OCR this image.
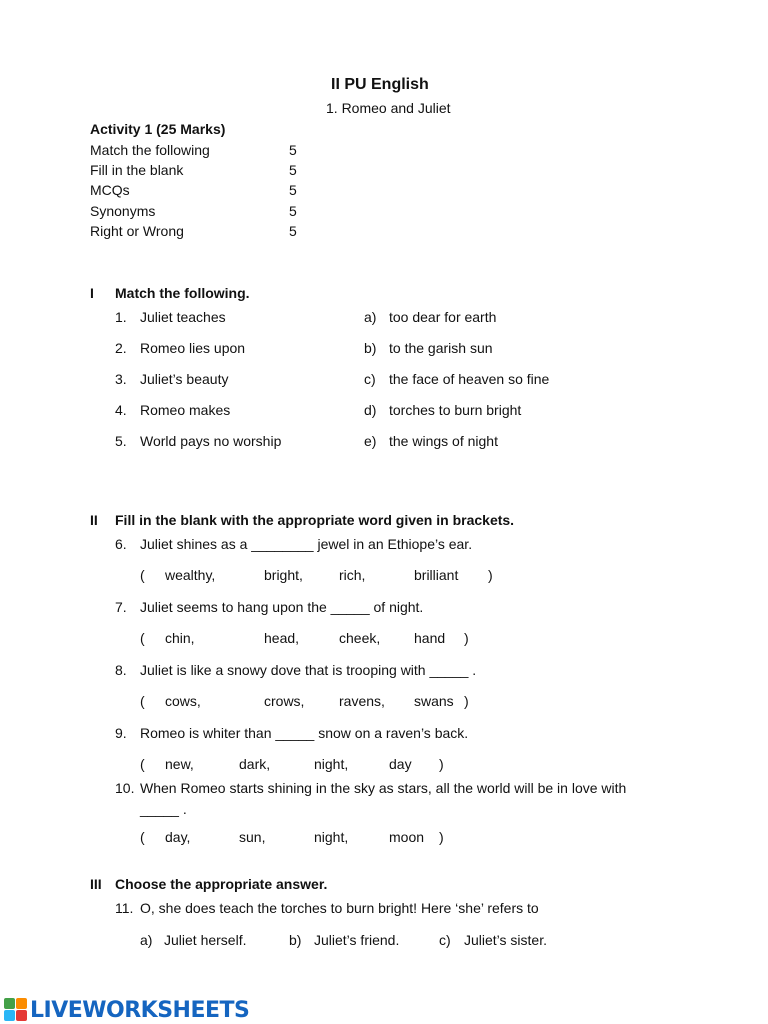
II PU English
1. Romeo and Juliet
Activity 1 (25 Marks)
Match the following	5
Fill in the blank	5
MCQs	5
Synonyms	5
Right or Wrong	5
I Match the following.
1. Juliet teaches	a) too dear for earth
2. Romeo lies upon	b) to the garish sun
3. Juliet’s beauty	c) the face of heaven so fine
4. Romeo makes	d) torches to burn bright
5. World pays no worship	e) the wings of night
II Fill in the blank with the appropriate word given in brackets.
6. Juliet shines as a ________ jewel in an Ethiope’s ear.
( wealthy,	bright,	rich,	brilliant )
7. Juliet seems to hang upon the _____ of night.
( chin,	head,	cheek, hand )
8. Juliet is like a snowy dove that is trooping with _____ .
( cows,	crows, ravens, swans )
9. Romeo is whiter than _____ snow on a raven’s back.
( new,	dark,	night,	day )
10. When Romeo starts shining in the sky as stars, all the world will be in love with
_____ .
( day,	sun,	night,	moon )
III Choose the appropriate answer.
11. O, she does teach the torches to burn bright! Here ‘she’ refers to
a) Juliet herself.	b) Juliet’s friend.	c) Juliet’s sister.
LIVEWORKSHEETS
